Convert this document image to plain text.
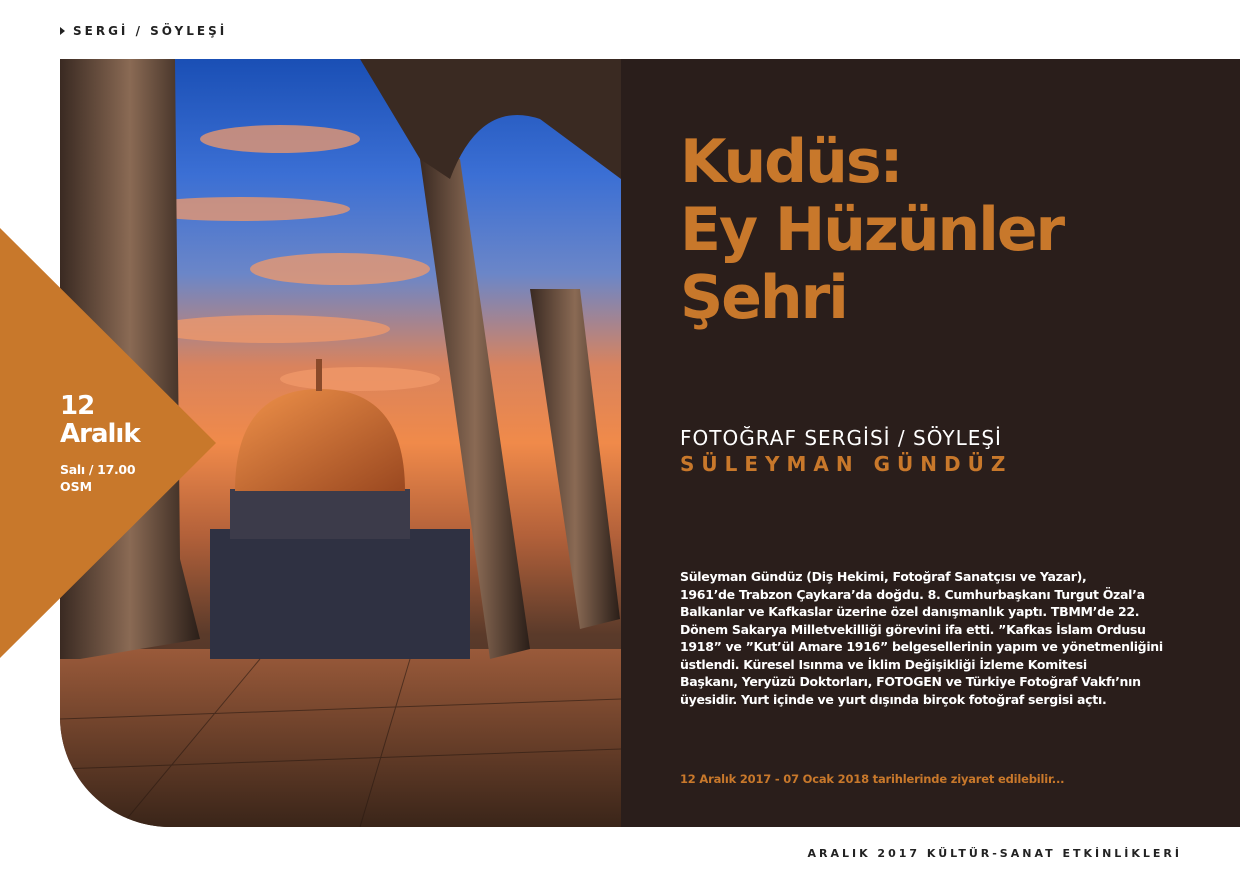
SERGİ / SÖYLEŞİ
Kudüs:
Ey Hüzünler
Şehri
FOTOĞRAF SERGİSİ / SÖYLEŞİ
SÜLEYMAN GÜNDÜZ
Süleyman Gündüz (Diş Hekimi, Fotoğraf Sanatçısı ve Yazar),
1961’de Trabzon Çaykara’da doğdu. 8. Cumhurbaşkanı Turgut Özal’a
Balkanlar ve Kafkaslar üzerine özel danışmanlık yaptı. TBMM’de 22.
Dönem Sakarya Milletvekilliği görevini ifa etti. ”Kafkas İslam Ordusu
1918” ve ”Kut’ül Amare 1916” belgesellerinin yapım ve yönetmenliğini
üstlendi. Küresel Isınma ve İklim Değişikliği İzleme Komitesi
Başkanı, Yeryüzü Doktorları, FOTOGEN ve Türkiye Fotoğraf Vakfı’nın
üyesidir. Yurt içinde ve yurt dışında birçok fotoğraf sergisi açtı.
12 Aralık 2017 - 07 Ocak 2018 tarihlerinde ziyaret edilebilir...
12
Aralık
Salı / 17.00
OSM
ARALIK 2017 KÜLTÜR-SANAT ETKİNLİKLERİ
